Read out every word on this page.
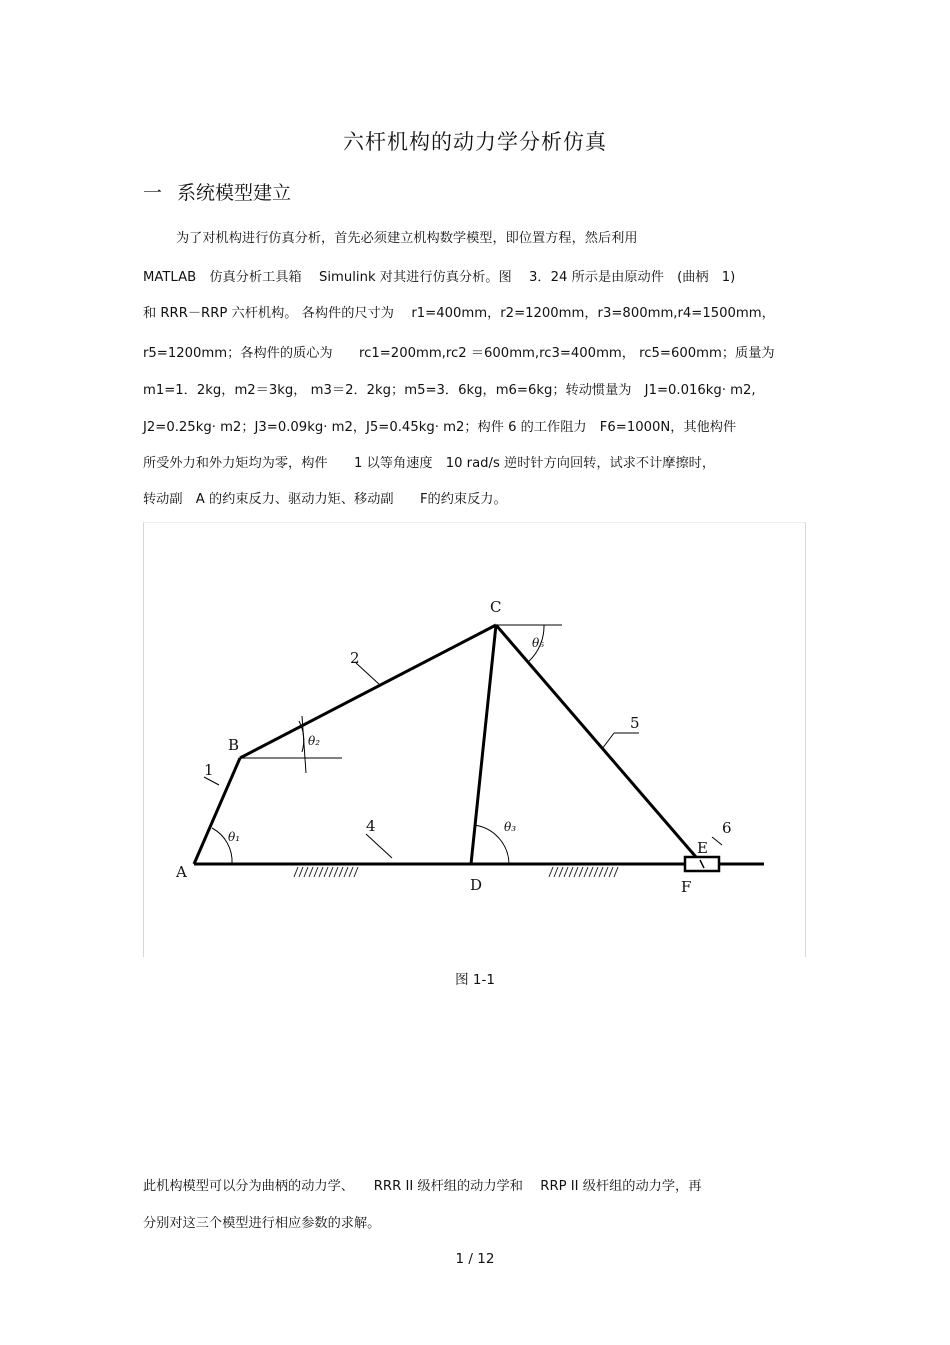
六杆机构的动力学分析仿真
一 系统模型建立
为了对机构进行仿真分析，首先必须建立机构数学模型，即位置方程，然后利用
MATLAB　仿真分析工具箱　 Simulink 对其进行仿真分析。图　 3．24 所示是由原动件　(曲柄　1)
和 RRR－RRP 六杆机构。 各构件的尺寸为　 r1=400mm，r2=1200mm，r3=800mm,r4=1500mm，
r5=1200mm；各构件的质心为　　rc1=200mm,rc2 ＝600mm,rc3=400mm， rc5=600mm；质量为
m1=1．2kg，m2＝3kg， m3＝2．2kg；m5=3．6kg，m6=6kg；转动惯量为　J1=0.016kg· m2,
J2=0.25kg· m2；J3=0.09kg· m2，J5=0.45kg· m2；构件 6 的工作阻力　F6=1000N，其他构件
所受外力和外力矩均为零，构件　　1 以等角速度　10 rad/s 逆时针方向回转，试求不计摩擦时，
转动副　A 的约束反力、驱动力矩、移动副　　F的约束反力。
θ₁
θ₃
θ₅
θ₂
A
B
C
D
E
F
1
2
4
5
6
图 1-1
此机构模型可以分为曲柄的动力学、　　RRR II 级杆组的动力学和　 RRP II 级杆组的动力学，再
分别对这三个模型进行相应参数的求解。
1 / 12
